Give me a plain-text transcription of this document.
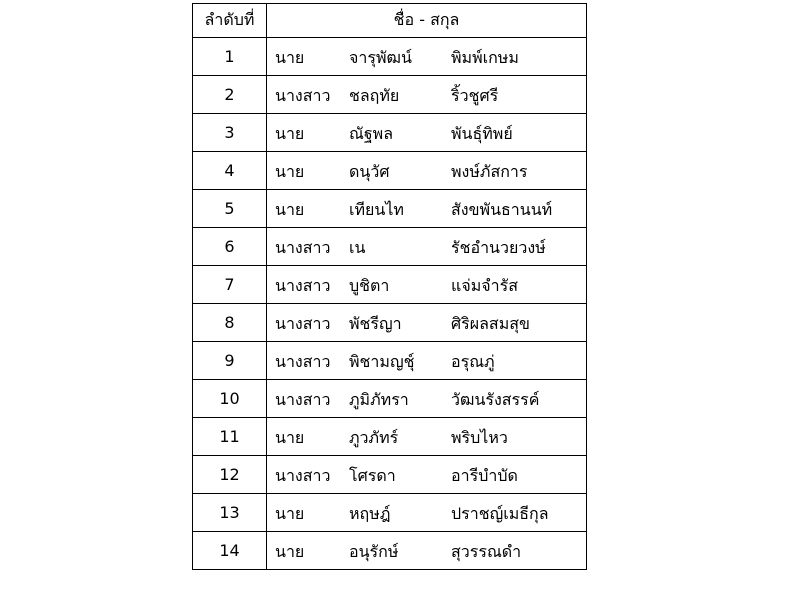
ลำดับที่	ชื่อ - สกุล
1	นาย จารุพัฒน์ พิมพ์เกษม

2	นางสาว ชลฤทัย ริ้วชูศรี

3	นาย ณัฐพล พันธุ์ทิพย์

4	นาย ดนุวัศ พงษ์ภัสการ

5	นาย เทียนไท สังขพันธานนท์

6	นางสาว เน รัชอำนวยวงษ์

7	นางสาว บูชิตา แจ่มจำรัส

8	นางสาว พัชรีญา ศิริผลสมสุข

9	นางสาว พิชามญชุ์ อรุณภู่

10	นางสาว ภูมิภัทรา วัฒนรังสรรค์

11	นาย ภูวภัทร์ พริบไหว

12	นางสาว โศรดา อารีบำบัด

13	นาย หฤษฎ์ ปราชญ์เมธีกุล

14	นาย อนุรักษ์ สุวรรณดำ
